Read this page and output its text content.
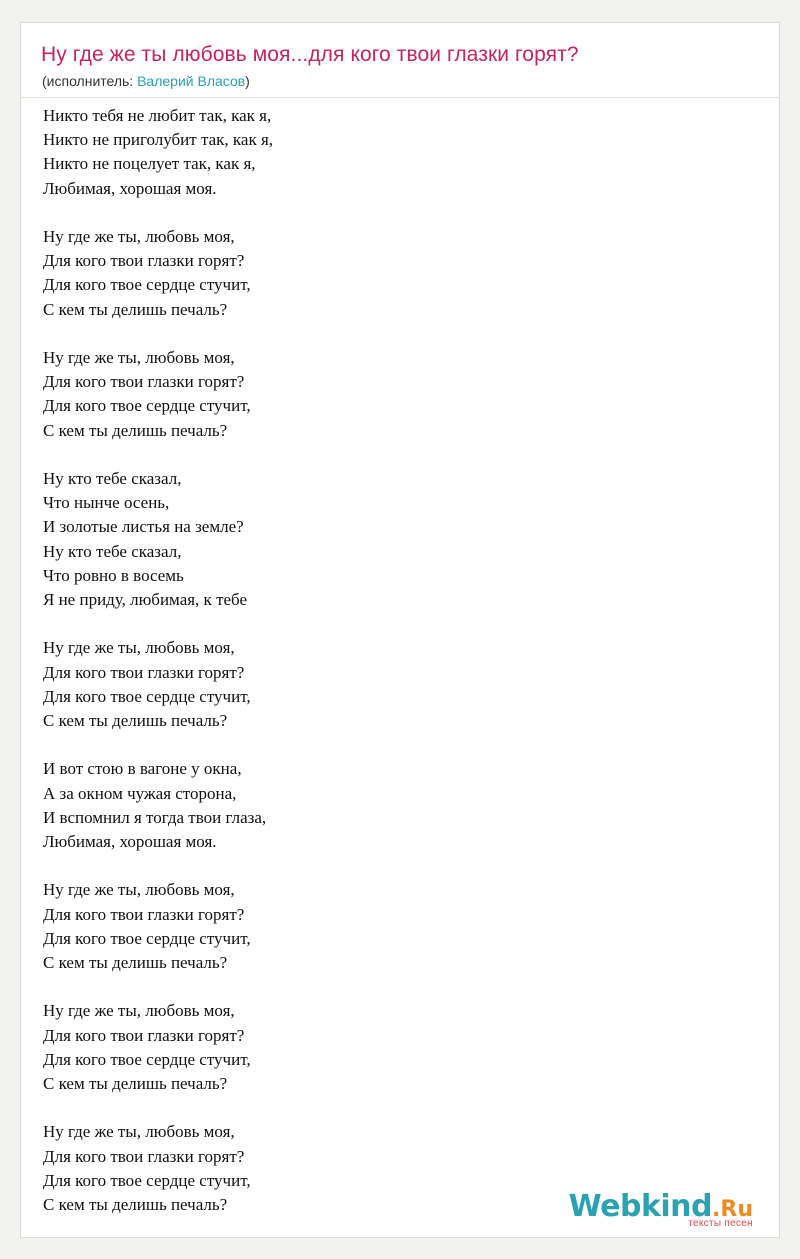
Ну где же ты любовь моя...для кого твои глазки горят?
(исполнитель: Валерий Власов)
Никто тебя не любит так, как я,
Никто не приголубит так, как я,
Никто не поцелует так, как я,
Любимая, хорошая моя.
Ну где же ты, любовь моя,
Для кого твои глазки горят?
Для кого твое сердце стучит,
С кем ты делишь печаль?
Ну где же ты, любовь моя,
Для кого твои глазки горят?
Для кого твое сердце стучит,
С кем ты делишь печаль?
Ну кто тебе сказал,
Что нынче осень,
И золотые листья на земле?
Ну кто тебе сказал,
Что ровно в восемь
Я не приду, любимая, к тебе
Ну где же ты, любовь моя,
Для кого твои глазки горят?
Для кого твое сердце стучит,
С кем ты делишь печаль?
И вот стою в вагоне у окна,
А за окном чужая сторона,
И вспомнил я тогда твои глаза,
Любимая, хорошая моя.
Ну где же ты, любовь моя,
Для кого твои глазки горят?
Для кого твое сердце стучит,
С кем ты делишь печаль?
Ну где же ты, любовь моя,
Для кого твои глазки горят?
Для кого твое сердце стучит,
С кем ты делишь печаль?
Ну где же ты, любовь моя,
Для кого твои глазки горят?
Для кого твое сердце стучит,
С кем ты делишь печаль?	Webkind.Ru
тексты песен
